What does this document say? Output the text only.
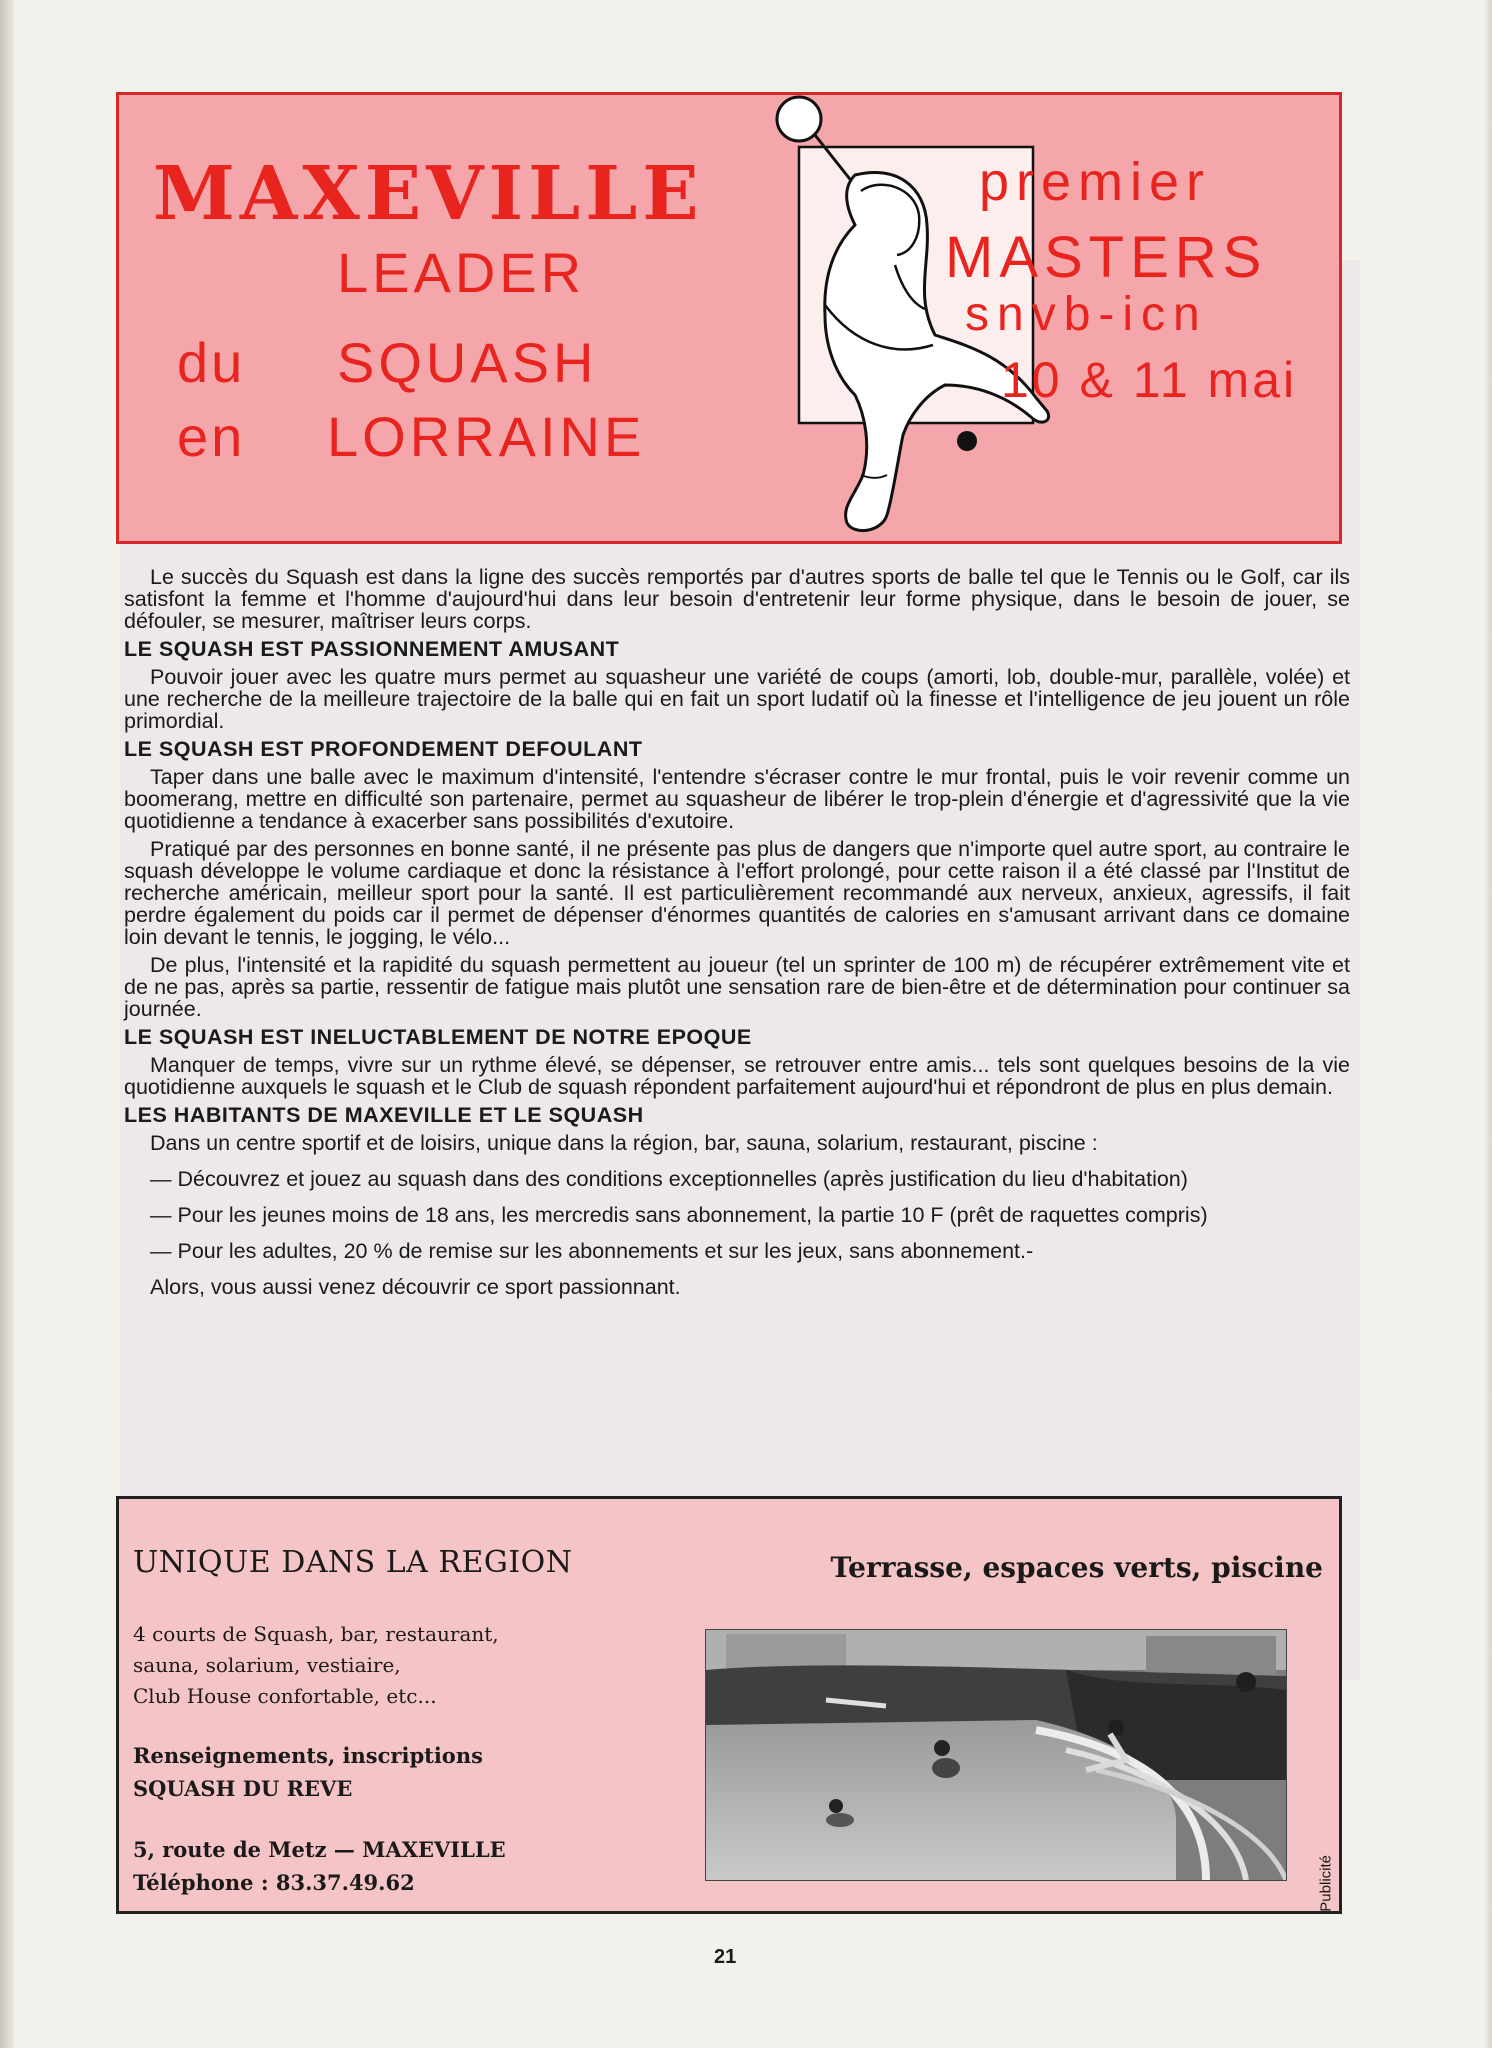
MAXEVILLE
LEADER
du SQUASH
en LORRAINE
premier
MASTERS
snvb-icn
10 & 11 mai

Le succès du Squash est dans la ligne des succès remportés par d'autres sports de balle tel que le Tennis ou le Golf, car ils satisfont la femme et l'homme d'aujourd'hui dans leur besoin d'entretenir leur forme physique, dans le besoin de jouer, se défouler, se mesurer, maîtriser leurs corps.

LE SQUASH EST PASSIONNEMENT AMUSANT

Pouvoir jouer avec les quatre murs permet au squasheur une variété de coups (amorti, lob, double-mur, parallèle, volée) et une recherche de la meilleure trajectoire de la balle qui en fait un sport ludatif où la finesse et l'intelligence de jeu jouent un rôle primordial.

LE SQUASH EST PROFONDEMENT DEFOULANT

Taper dans une balle avec le maximum d'intensité, l'entendre s'écraser contre le mur frontal, puis le voir revenir comme un boomerang, mettre en difficulté son partenaire, permet au squasheur de libérer le trop-plein d'énergie et d'agressivité que la vie quotidienne a tendance à exacerber sans possibilités d'exutoire.

Pratiqué par des personnes en bonne santé, il ne présente pas plus de dangers que n'importe quel autre sport, au contraire le squash développe le volume cardiaque et donc la résistance à l'effort prolongé, pour cette raison il a été classé par l'Institut de recherche américain, meilleur sport pour la santé. Il est particulièrement recommandé aux nerveux, anxieux, agressifs, il fait perdre également du poids car il permet de dépenser d'énormes quantités de calories en s'amusant arrivant dans ce domaine loin devant le tennis, le jogging, le vélo...

De plus, l'intensité et la rapidité du squash permettent au joueur (tel un sprinter de 100 m) de récupérer extrêmement vite et de ne pas, après sa partie, ressentir de fatigue mais plutôt une sensation rare de bien-être et de détermination pour continuer sa journée.

LE SQUASH EST INELUCTABLEMENT DE NOTRE EPOQUE

Manquer de temps, vivre sur un rythme élevé, se dépenser, se retrouver entre amis... tels sont quelques besoins de la vie quotidienne auxquels le squash et le Club de squash répondent parfaitement aujourd'hui et répondront de plus en plus demain.

LES HABITANTS DE MAXEVILLE ET LE SQUASH

Dans un centre sportif et de loisirs, unique dans la région, bar, sauna, solarium, restaurant, piscine :

— Découvrez et jouez au squash dans des conditions exceptionnelles (après justification du lieu d'habitation)

— Pour les jeunes moins de 18 ans, les mercredis sans abonnement, la partie 10 F (prêt de raquettes compris)

— Pour les adultes, 20 % de remise sur les abonnements et sur les jeux, sans abonnement.-

Alors, vous aussi venez découvrir ce sport passionnant.

UNIQUE DANS LA REGION	Terrasse, espaces verts, piscine
4 courts de Squash, bar, restaurant,
sauna, solarium, vestiaire,
Club House confortable, etc...
Renseignements, inscriptions
SQUASH DU REVE
5, route de Metz — MAXEVILLE
Téléphone : 83.37.49.62	Publicité
21
